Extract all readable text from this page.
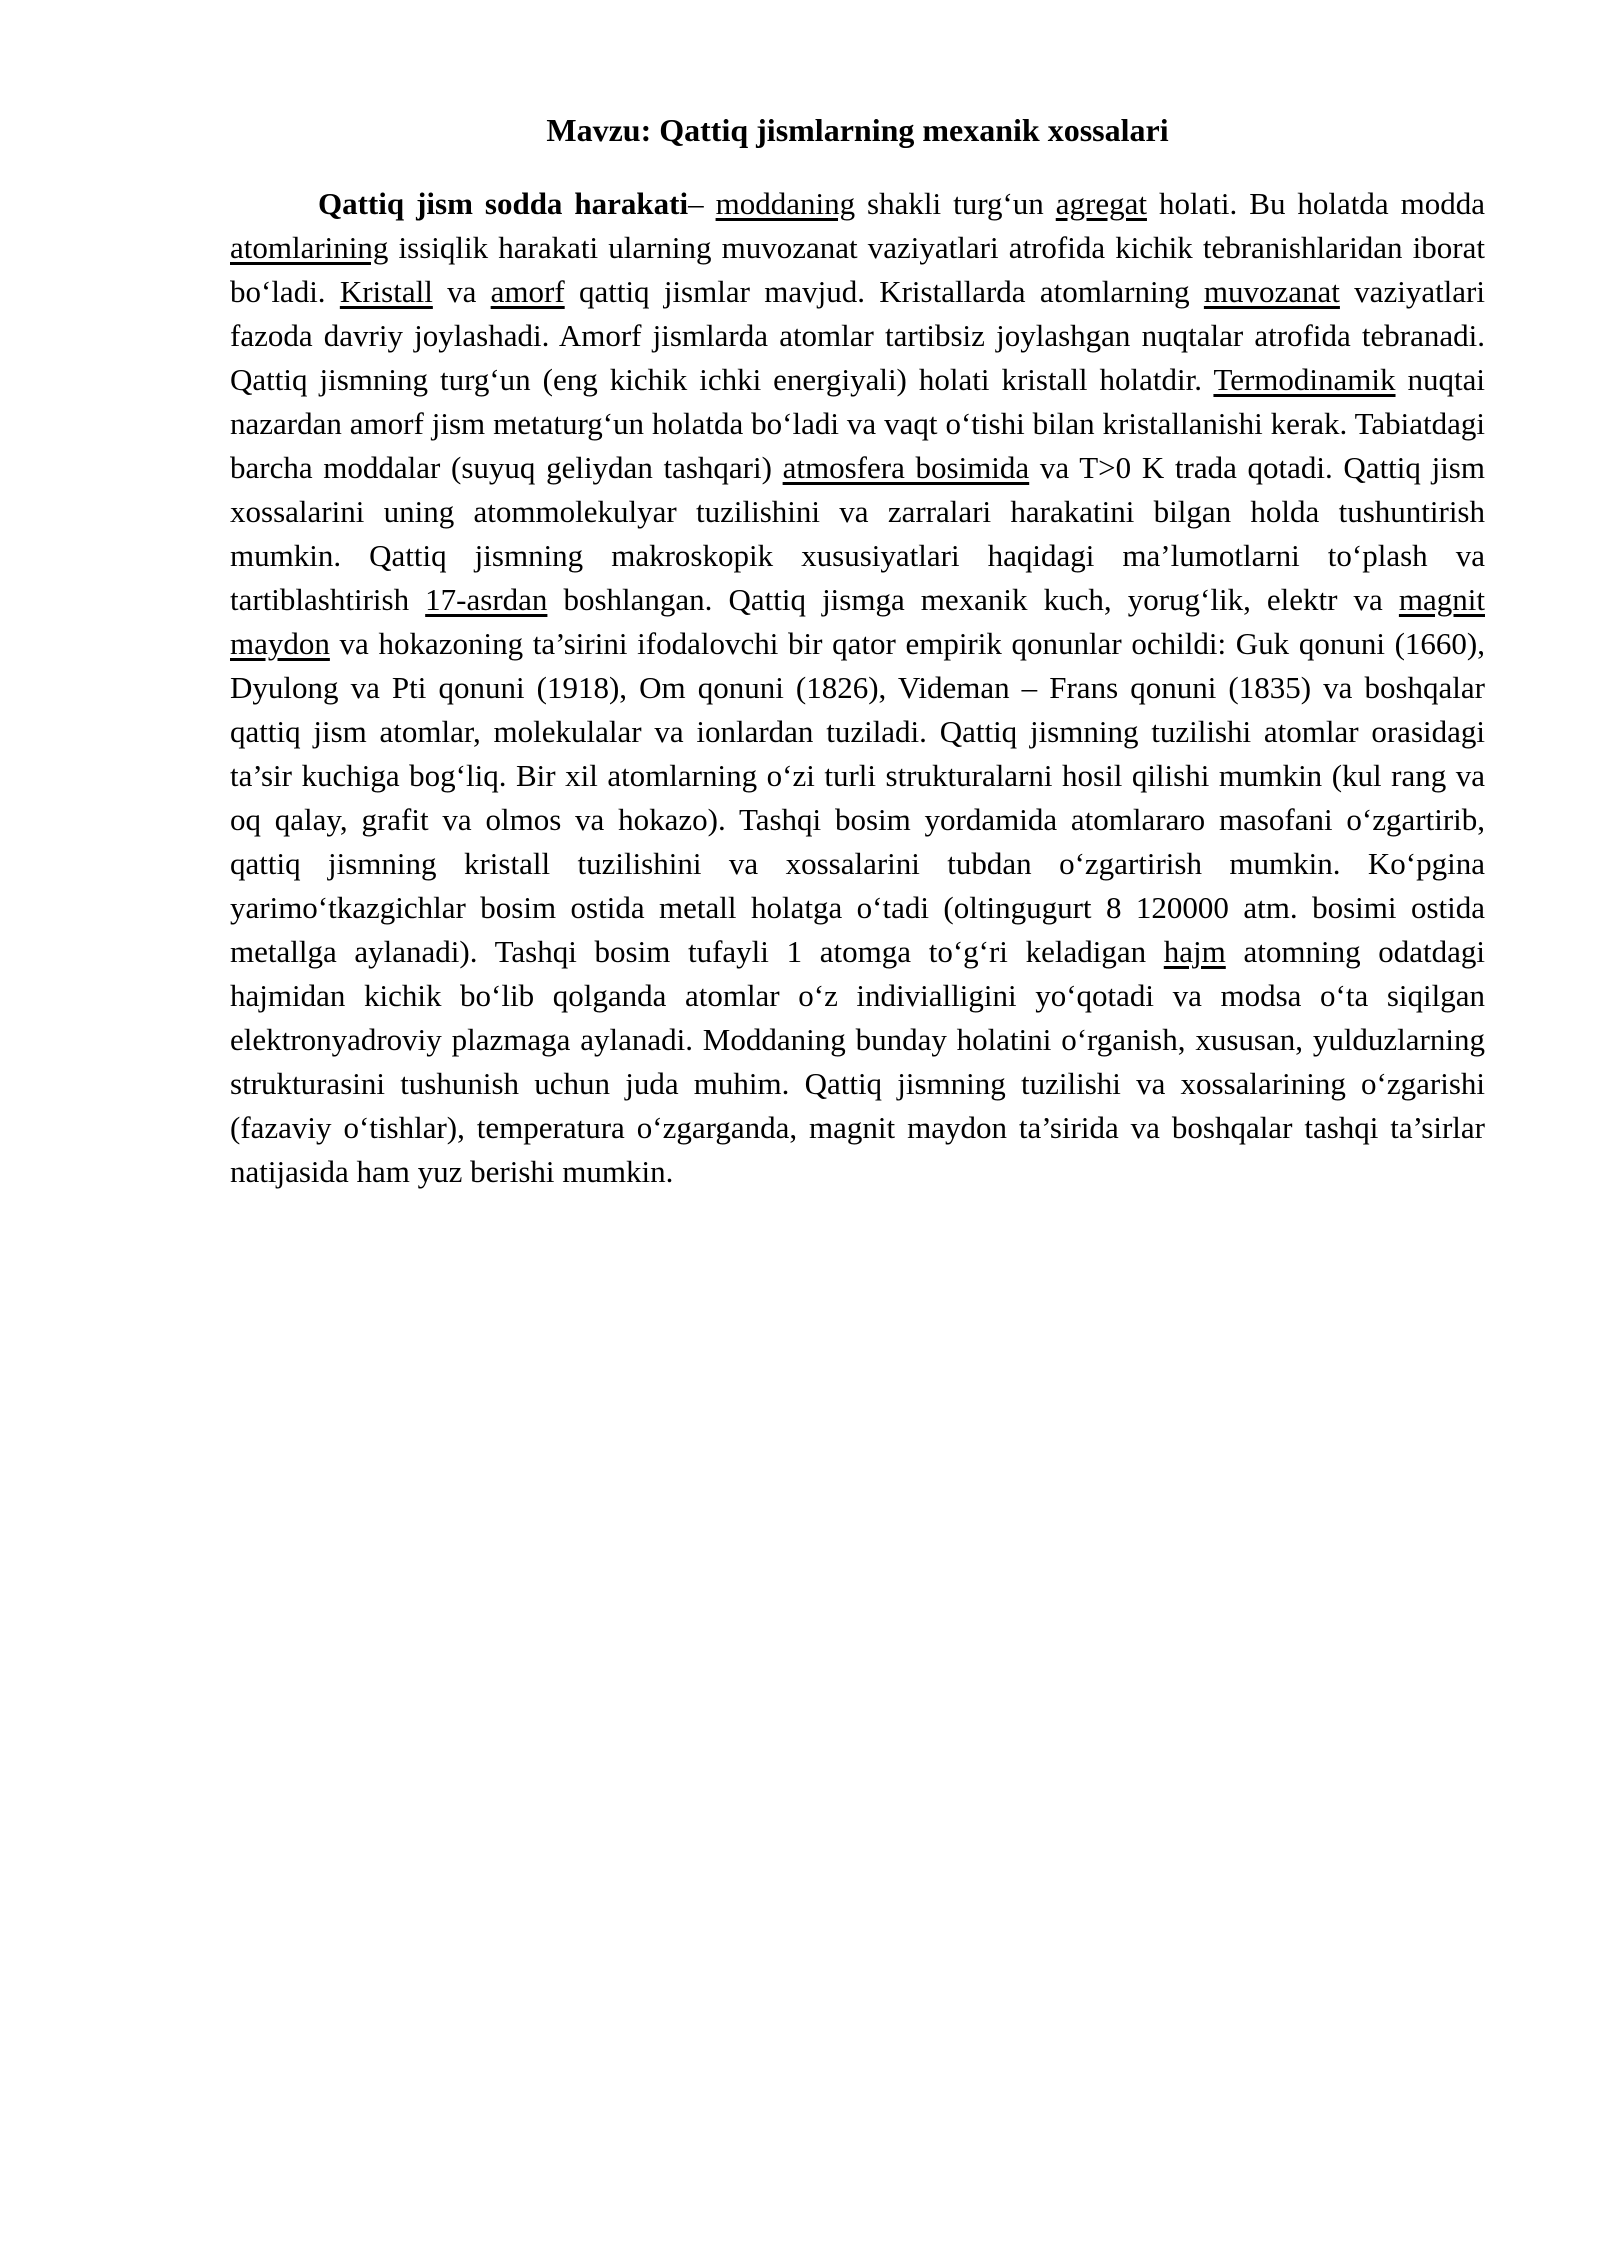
Mavzu: Qattiq jismlarning mexanik xossalari

Qattiq jism sodda harakati– moddaning shakli turg‘un agregat holati. Bu holatda modda atomlarining issiqlik harakati ularning muvozanat vaziyatlari atrofida kichik tebranishlaridan iborat bo‘ladi. Kristall va amorf qattiq jismlar mavjud. Kristallarda atomlarning muvozanat vaziyatlari fazoda davriy joylashadi. Amorf jismlarda atomlar tartibsiz joylashgan nuqtalar atrofida tebranadi. Qattiq jismning turg‘un (eng kichik ichki energiyali) holati kristall holatdir. Termodinamik nuqtai nazardan amorf jism metaturg‘un holatda bo‘ladi va vaqt o‘tishi bilan kristallanishi kerak. Tabiatdagi barcha moddalar (suyuq geliydan tashqari) atmosfera bosimida va T>0 K trada qotadi. Qattiq jism xossalarini uning atommolekulyar tuzilishini va zarralari harakatini bilgan holda tushuntirish mumkin. Qattiq jismning makroskopik xususiyatlari haqidagi ma’lumotlarni to‘plash va tartiblashtirish 17-asrdan boshlangan. Qattiq jismga mexanik kuch, yorug‘lik, elektr va magnit maydon va hokazoning ta’sirini ifodalovchi bir qator empirik qonunlar ochildi: Guk qonuni (1660), Dyulong va Pti qonuni (1918), Om qonuni (1826), Videman – Frans qonuni (1835) va boshqalar qattiq jism atomlar, molekulalar va ionlardan tuziladi. Qattiq jismning tuzilishi atomlar orasidagi ta’sir kuchiga bog‘liq. Bir xil atomlarning o‘zi turli strukturalarni hosil qilishi mumkin (kul rang va oq qalay, grafit va olmos va hokazo). Tashqi bosim yordamida atomlararo masofani o‘zgartirib, qattiq jismning kristall tuzilishini va xossalarini tubdan o‘zgartirish mumkin. Ko‘pgina yarimo‘tkazgichlar bosim ostida metall holatga o‘tadi (oltingugurt 8 120000 atm. bosimi ostida metallga aylanadi). Tashqi bosim tufayli 1 atomga to‘g‘ri keladigan hajm atomning odatdagi hajmidan kichik bo‘lib qolganda atomlar o‘z indivialligini yo‘qotadi va modsa o‘ta siqilgan elektronyadroviy plazmaga aylanadi. Moddaning bunday holatini o‘rganish, xususan, yulduzlarning strukturasini tushunish uchun juda muhim. Qattiq jismning tuzilishi va xossalarining o‘zgarishi (fazaviy o‘tishlar), temperatura o‘zgarganda, magnit maydon ta’sirida va boshqalar tashqi ta’sirlar natijasida ham yuz berishi mumkin.
